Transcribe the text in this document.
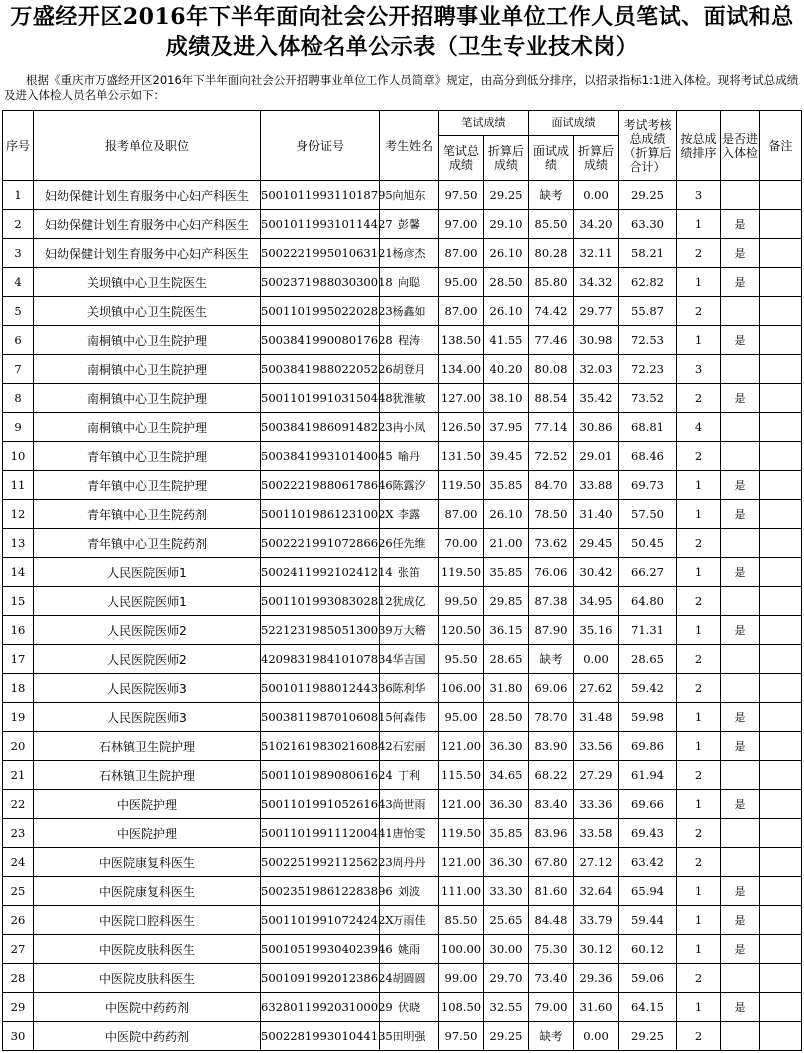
万盛经开区2016年下半年面向社会公开招聘事业单位工作人员笔试、面试和总成绩及进入体检名单公示表（卫生专业技术岗）

根据《重庆市万盛经开区2016年下半年面向社会公开招聘事业单位工作人员简章》规定，由高分到低分排序，以招录指标1:1进入体检。现将考试总成绩及进入体检人员名单公示如下：

序号	报考单位及职位	身份证号	考生姓名	笔试成绩		面试成绩		考试考核总成绩（折算后合计）	按总成绩排序	是否进入体检	备注
				笔试总成绩	折算后成绩	面试成绩	折算后成绩				
1	妇幼保健计划生育服务中心妇产科医生	500101199311018795	向旭东	97.50	29.25	缺考	0.00	29.25	3		
2	妇幼保健计划生育服务中心妇产科医生	500101199310114427	彭馨	97.00	29.10	85.50	34.20	63.30	1	是	
3	妇幼保健计划生育服务中心妇产科医生	500222199501063121	杨彦杰	87.00	26.10	80.28	32.11	58.21	2	是	
4	关坝镇中心卫生院医生	500237198803030018	向聪	95.00	28.50	85.80	34.32	62.82	1	是	
5	关坝镇中心卫生院医生	500110199502202823	杨鑫如	87.00	26.10	74.42	29.77	55.87	2		
6	南桐镇中心卫生院护理	500384199008017628	程涛	138.50	41.55	77.46	30.98	72.53	1	是	
7	南桐镇中心卫生院护理	500384198802205226	胡登月	134.00	40.20	80.08	32.03	72.23	3		
8	南桐镇中心卫生院护理	500110199103150448	犹淮敏	127.00	38.10	88.54	35.42	73.52	2	是	
9	南桐镇中心卫生院护理	500384198609148223	冉小凤	126.50	37.95	77.14	30.86	68.81	4		
10	青年镇中心卫生院护理	500384199310140045	喻丹	131.50	39.45	72.52	29.01	68.46	2		
11	青年镇中心卫生院护理	500222198806178646	陈露汐	119.50	35.85	84.70	33.88	69.73	1	是	
12	青年镇中心卫生院药剂	50011019861231002X	李露	87.00	26.10	78.50	31.40	57.50	1	是	
13	青年镇中心卫生院药剂	500222199107286626	任先维	70.00	21.00	73.62	29.45	50.45	2		
14	人民医院医师1	500241199210241214	张笛	119.50	35.85	76.06	30.42	66.27	1	是	
15	人民医院医师1	500110199308302812	犹成亿	99.50	29.85	87.38	34.95	64.80	2		
16	人民医院医师2	522123198505130039	万大稽	120.50	36.15	87.90	35.16	71.31	1	是	
17	人民医院医师2	420983198410107834	华吉国	95.50	28.65	缺考	0.00	28.65	2		
18	人民医院医师3	500101198801244336	陈利华	106.00	31.80	69.06	27.62	59.42	2		
19	人民医院医师3	500381198701060815	何森伟	95.00	28.50	78.70	31.48	59.98	1	是	
20	石林镇卫生院护理	510216198302160842	石宏丽	121.00	36.30	83.90	33.56	69.86	1	是	
21	石林镇卫生院护理	500110198908061624	丁利	115.50	34.65	68.22	27.29	61.94	2		
22	中医院护理	500110199105261643	尚世雨	121.00	36.30	83.40	33.36	69.66	1	是	
23	中医院护理	500110199111200441	唐怡雯	119.50	35.85	83.96	33.58	69.43	2		
24	中医院康复科医生	500225199211256223	周丹丹	121.00	36.30	67.80	27.12	63.42	2		
25	中医院康复科医生	500235198612283896	刘波	111.00	33.30	81.60	32.64	65.94	1	是	
26	中医院口腔科医生	50011019910724242X	万雨佳	85.50	25.65	84.48	33.79	59.44	1	是	
27	中医院皮肤科医生	500105199304023946	姚雨	100.00	30.00	75.30	30.12	60.12	1	是	
28	中医院皮肤科医生	500109199201238624	胡圆圆	99.00	29.70	73.40	29.36	59.06	2		
29	中医院中药药剂	632801199203100029	伏晓	108.50	32.55	79.00	31.60	64.15	1	是	
30	中医院中药药剂	500228199301044135	田明强	97.50	29.25	缺考	0.00	29.25	2		
